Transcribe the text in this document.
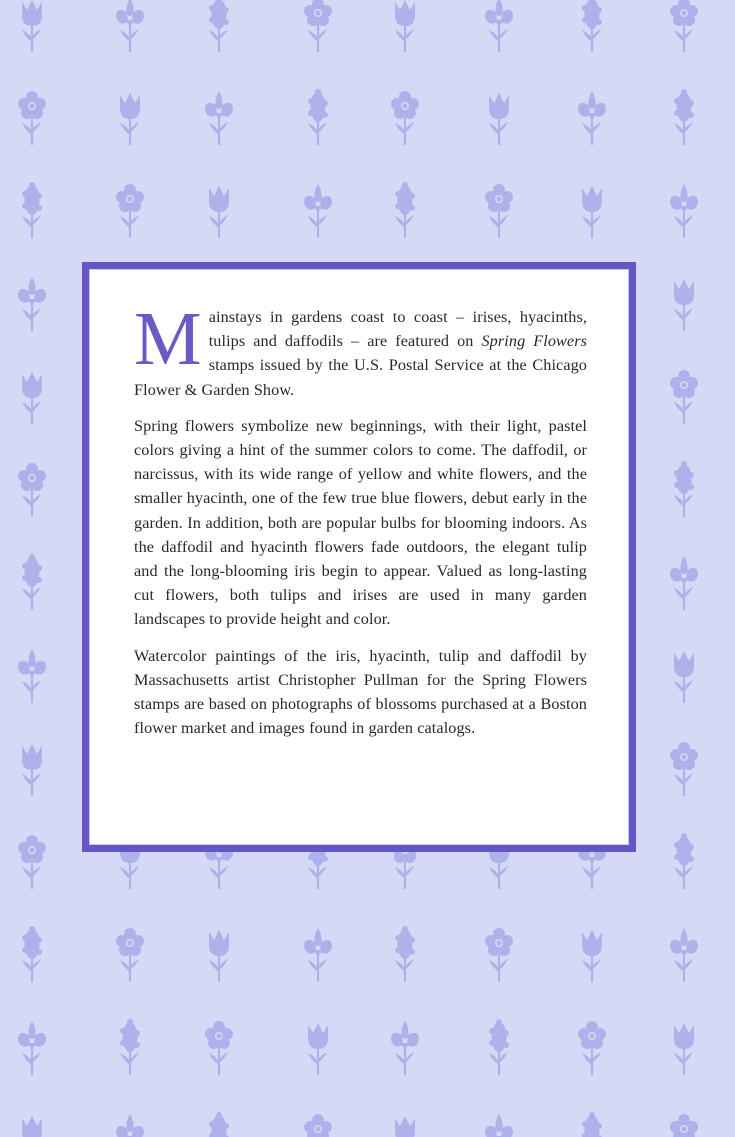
Mainstays in gardens coast to coast – irises, hyacinths, tulips and daffodils – are featured on Spring Flowers stamps issued by the U.S. Postal Service at the Chicago Flower & Garden Show.

Spring flowers symbolize new beginnings, with their light, pastel colors giving a hint of the summer colors to come. The daffodil, or narcissus, with its wide range of yellow and white flowers, and the smaller hyacinth, one of the few true blue flowers, debut early in the garden. In addition, both are popular bulbs for blooming indoors. As the daffodil and hyacinth flowers fade outdoors, the elegant tulip and the long-blooming iris begin to appear. Valued as long-lasting cut flowers, both tulips and irises are used in many garden landscapes to provide height and color.

Watercolor paintings of the iris, hyacinth, tulip and daffodil by Massachusetts artist Christopher Pullman for the Spring Flowers stamps are based on photographs of blossoms purchased at a Boston flower market and images found in garden catalogs.
